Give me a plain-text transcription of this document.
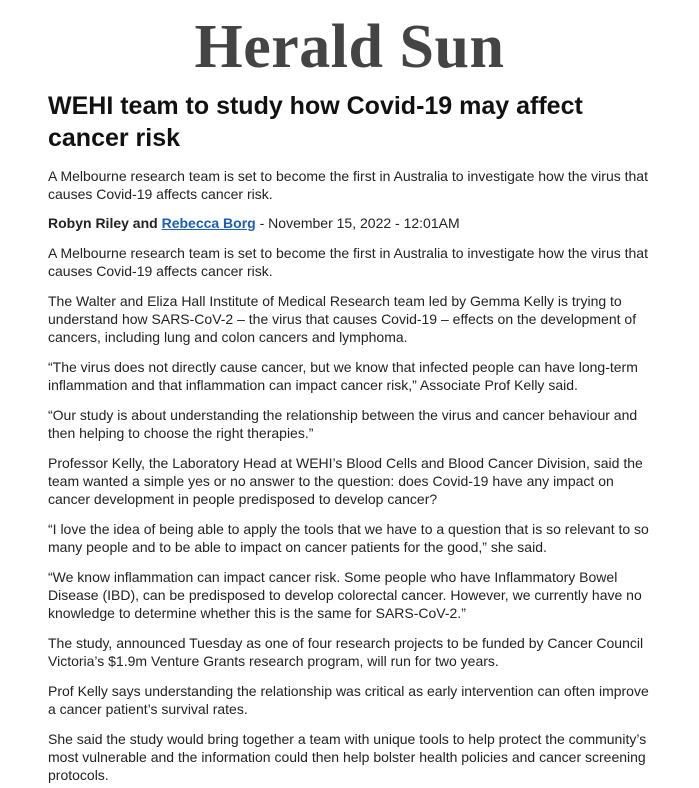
Herald Sun
WEHI team to study how Covid-19 may affect cancer risk

A Melbourne research team is set to become the first in Australia to investigate how the virus that causes Covid-19 affects cancer risk.

Robyn Riley and Rebecca Borg - November 15, 2022 - 12:01AM

A Melbourne research team is set to become the first in Australia to investigate how the virus that causes Covid-19 affects cancer risk.

The Walter and Eliza Hall Institute of Medical Research team led by Gemma Kelly is trying to understand how SARS-CoV-2 – the virus that causes Covid-19 – effects on the development of cancers, including lung and colon cancers and lymphoma.

“The virus does not directly cause cancer, but we know that infected people can have long-term inflammation and that inflammation can impact cancer risk,” Associate Prof Kelly said.

“Our study is about understanding the relationship between the virus and cancer behaviour and then helping to choose the right therapies.”

Professor Kelly, the Laboratory Head at WEHI’s Blood Cells and Blood Cancer Division, said the team wanted a simple yes or no answer to the question: does Covid-19 have any impact on cancer development in people predisposed to develop cancer?

“I love the idea of being able to apply the tools that we have to a question that is so relevant to so many people and to be able to impact on cancer patients for the good,” she said.

“We know inflammation can impact cancer risk. Some people who have Inflammatory Bowel Disease (IBD), can be predisposed to develop colorectal cancer. However, we currently have no knowledge to determine whether this is the same for SARS-CoV-2.”

The study, announced Tuesday as one of four research projects to be funded by Cancer Council Victoria’s $1.9m Venture Grants research program, will run for two years.

Prof Kelly says understanding the relationship was critical as early intervention can often improve a cancer patient’s survival rates.

She said the study would bring together a team with unique tools to help protect the community’s most vulnerable and the information could then help bolster health policies and cancer screening protocols.
